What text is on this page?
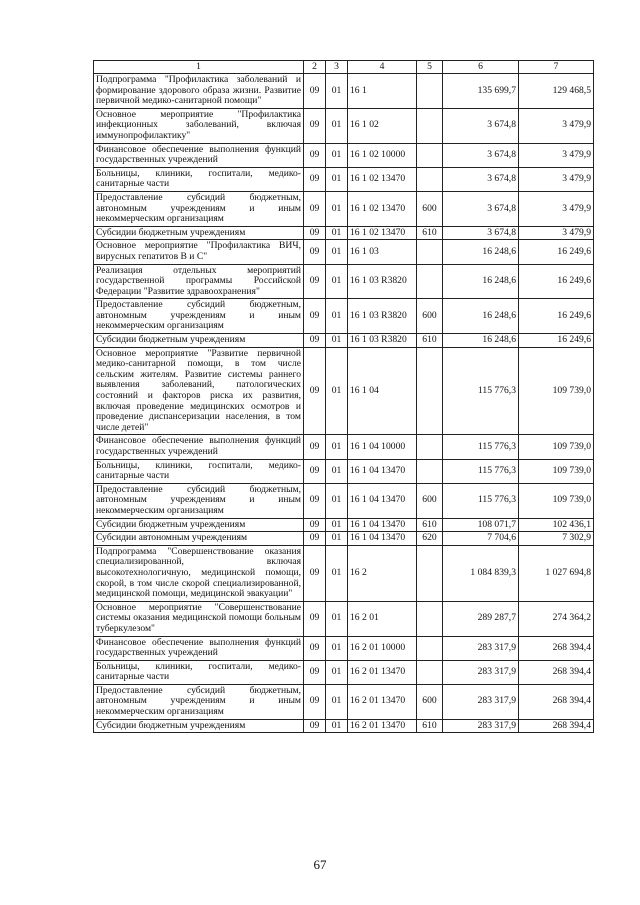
1	2	3	4	5	6	7
Подпрограмма "Профилактика заболеваний и формирование здорового образа жизни. Развитие первичной медико-санитарной помощи"	09	01	16 1		135 699,7	129 468,5
Основное мероприятие "Профилактика инфекционных заболеваний, включая иммунопрофилактику"	09	01	16 1 02		3 674,8	3 479,9
Финансовое обеспечение выполнения функций государственных учреждений	09	01	16 1 02 10000		3 674,8	3 479,9
Больницы, клиники, госпитали, медико-санитарные части	09	01	16 1 02 13470		3 674,8	3 479,9
Предоставление субсидий бюджетным, автономным учреждениям и иным некоммерческим организациям	09	01	16 1 02 13470	600	3 674,8	3 479,9
Субсидии бюджетным учреждениям	09	01	16 1 02 13470	610	3 674,8	3 479,9
Основное мероприятие "Профилактика ВИЧ, вирусных гепатитов В и С"	09	01	16 1 03		16 248,6	16 249,6
Реализация отдельных мероприятий государственной программы Российской Федерации "Развитие здравоохранения"	09	01	16 1 03 R3820		16 248,6	16 249,6
Предоставление субсидий бюджетным, автономным учреждениям и иным некоммерческим организациям	09	01	16 1 03 R3820	600	16 248,6	16 249,6
Субсидии бюджетным учреждениям	09	01	16 1 03 R3820	610	16 248,6	16 249,6
Основное мероприятие "Развитие первичной медико-санитарной помощи, в том числе сельским жителям. Развитие системы раннего выявления заболеваний, патологических состояний и факторов риска их развития, включая проведение медицинских осмотров и проведение диспансеризации населения, в том числе детей"	09	01	16 1 04		115 776,3	109 739,0
Финансовое обеспечение выполнения функций государственных учреждений	09	01	16 1 04 10000		115 776,3	109 739,0
Больницы, клиники, госпитали, медико-санитарные части	09	01	16 1 04 13470		115 776,3	109 739,0
Предоставление субсидий бюджетным, автономным учреждениям и иным некоммерческим организациям	09	01	16 1 04 13470	600	115 776,3	109 739,0
Субсидии бюджетным учреждениям	09	01	16 1 04 13470	610	108 071,7	102 436,1
Субсидии автономным учреждениям	09	01	16 1 04 13470	620	7 704,6	7 302,9
Подпрограмма "Совершенствование оказания специализированной, включая высокотехнологичную, медицинской помощи, скорой, в том числе скорой специализированной, медицинской помощи, медицинской эвакуации"	09	01	16 2		1 084 839,3	1 027 694,8
Основное мероприятие "Совершенствование системы оказания медицинской помощи больным туберкулезом"	09	01	16 2 01		289 287,7	274 364,2
Финансовое обеспечение выполнения функций государственных учреждений	09	01	16 2 01 10000		283 317,9	268 394,4
Больницы, клиники, госпитали, медико-санитарные части	09	01	16 2 01 13470		283 317,9	268 394,4
Предоставление субсидий бюджетным, автономным учреждениям и иным некоммерческим организациям	09	01	16 2 01 13470	600	283 317,9	268 394,4
Субсидии бюджетным учреждениям	09	01	16 2 01 13470	610	283 317,9	268 394,4
67
